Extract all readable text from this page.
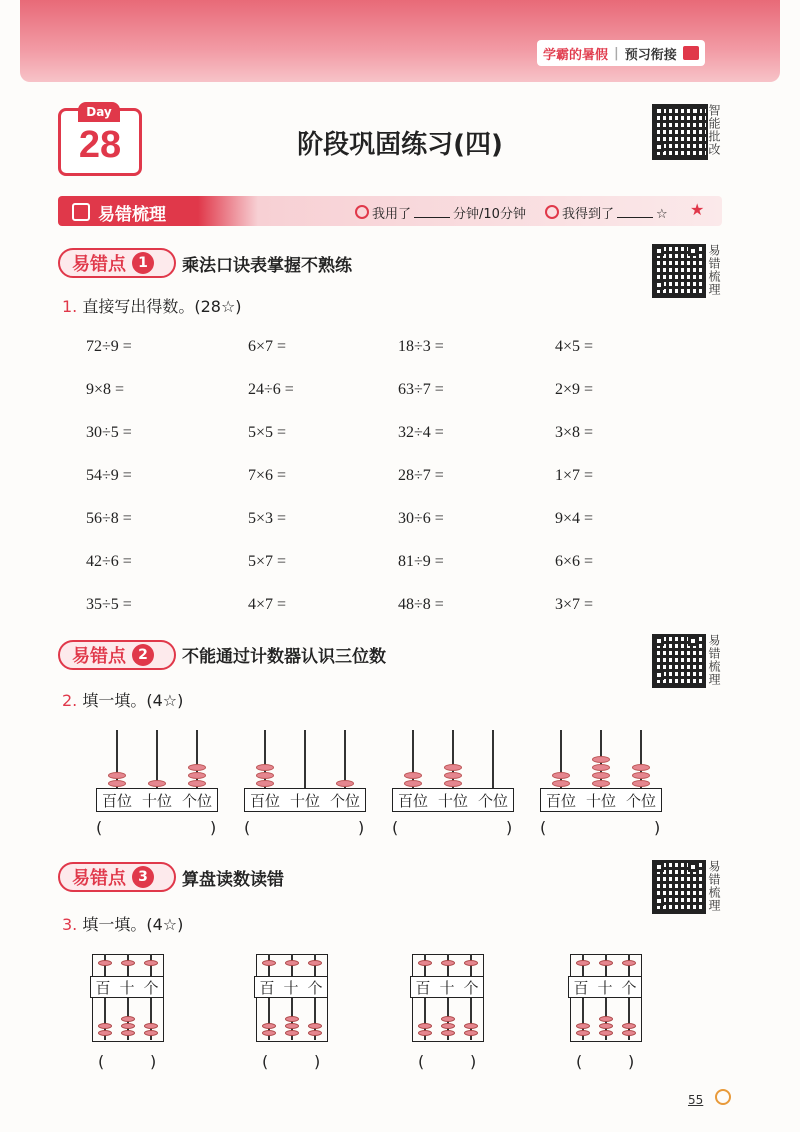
学霸的暑假 | 预习衔接
Day
28	阶段巩固练习(四)	智能批改
易错梳理	我用了	分钟/10分钟	我得到了	☆ ★
易错点 1	乘法口诀表掌握不熟练	易错梳理
1. 直接写出得数。(28☆)
72÷9 =	6×7 =	18÷3 =	4×5 =
9×8 =	24÷6 =	63÷7 =	2×9 =
30÷5 =	5×5 =	32÷4 =	3×8 =
54÷9 =	7×6 =	28÷7 =	1×7 =
56÷8 =	5×3 =	30÷6 =	9×4 =
42÷6 =	5×7 =	81÷9 =	6×6 =
35÷5 =	4×7 =	48÷8 =	3×7 =
易错点 2	不能通过计数器认识三位数	易错梳理
2. 填一填。(4☆)
百位 十位 个位
(	)
百位 十位 个位
(	)
百位 十位 个位
(	)
百位 十位 个位
(	)
易错点 3	算盘读数读错	易错梳理
3. 填一填。(4☆)
百 十 个
(	)
百 十 个
(	)
百 十 个
(	)
百 十 个
(	)
55
